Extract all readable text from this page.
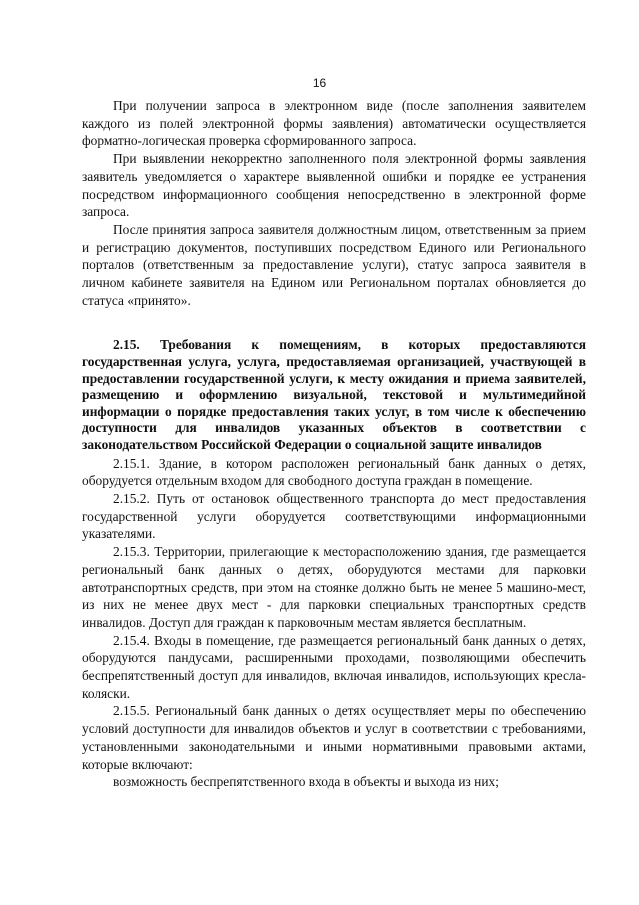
16

При получении запроса в электронном виде (после заполнения заявителем каждого из полей электронной формы заявления) автоматически осуществляется форматно-логическая проверка сформированного запроса.

При выявлении некорректно заполненного поля электронной формы заявления заявитель уведомляется о характере выявленной ошибки и порядке ее устранения посредством информационного сообщения непосредственно в электронной форме запроса.

После принятия запроса заявителя должностным лицом, ответственным за прием и регистрацию документов, поступивших посредством Единого или Регионального порталов (ответственным за предоставление услуги), статус запроса заявителя в личном кабинете заявителя на Едином или Региональном порталах обновляется до статуса «принято».

2.15. Требования к помещениям, в которых предоставляются государственная услуга, услуга, предоставляемая организацией, участвующей в предоставлении государственной услуги, к месту ожидания и приема заявителей, размещению и оформлению визуальной, текстовой и мультимедийной информации о порядке предоставления таких услуг, в том числе к обеспечению доступности для инвалидов указанных объектов в соответствии с законодательством Российской Федерации о социальной защите инвалидов

2.15.1. Здание, в котором расположен региональный банк данных о детях, оборудуется отдельным входом для свободного доступа граждан в помещение.

2.15.2. Путь от остановок общественного транспорта до мест предоставления государственной услуги оборудуется соответствующими информационными указателями.

2.15.3. Территории, прилегающие к месторасположению здания, где размещается региональный банк данных о детях, оборудуются местами для парковки автотранспортных средств, при этом на стоянке должно быть не менее 5 машино-мест, из них не менее двух мест - для парковки специальных транспортных средств инвалидов. Доступ для граждан к парковочным местам является бесплатным.

2.15.4. Входы в помещение, где размещается региональный банк данных о детях, оборудуются пандусами, расширенными проходами, позволяющими обеспечить беспрепятственный доступ для инвалидов, включая инвалидов, использующих кресла-коляски.

2.15.5. Региональный банк данных о детях осуществляет меры по обеспечению условий доступности для инвалидов объектов и услуг в соответствии с требованиями, установленными законодательными и иными нормативными правовыми актами, которые включают:

возможность беспрепятственного входа в объекты и выхода из них;
